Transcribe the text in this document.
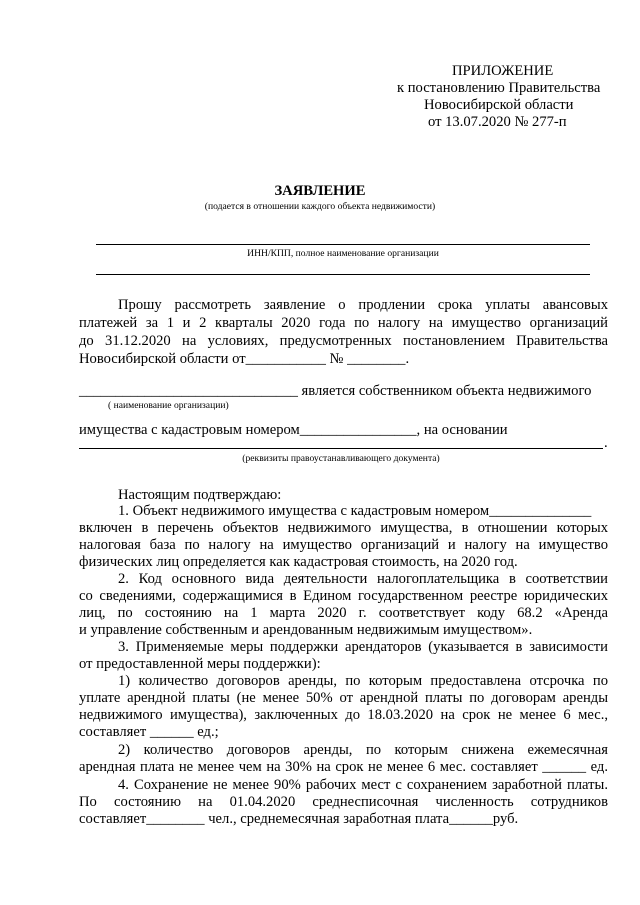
ПРИЛОЖЕНИЕ
к постановлению Правительства
Новосибирской области
от 13.07.2020 № 277-п
ЗАЯВЛЕНИЕ
(подается в отношении каждого объекта недвижимости)
ИНН/КПП, полное наименование организации
Прошу рассмотреть заявление о продлении срока уплаты авансовых
платежей за 1 и 2 кварталы 2020 года по налогу на имущество организаций
до 31.12.2020 на условиях, предусмотренных постановлением Правительства
Новосибирской области от___________ № ________.
______________________________ является собственником объекта недвижимого
( наименование организации)
имущества с кадастровым номером________________, на основании
.
(реквизиты правоустанавливающего документа)
Настоящим подтверждаю:
1. Объект недвижимого имущества с кадастровым номером______________
включен в перечень объектов недвижимого имущества, в отношении которых
налоговая база по налогу на имущество организаций и налогу на имущество
физических лиц определяется как кадастровая стоимость, на 2020 год.
2. Код основного вида деятельности налогоплательщика в соответствии
со сведениями, содержащимися в Едином государственном реестре юридических
лиц, по состоянию на 1 марта 2020 г. соответствует коду 68.2 «Аренда
и управление собственным и арендованным недвижимым имуществом».
3. Применяемые меры поддержки арендаторов (указывается в зависимости
от предоставленной меры поддержки):
1) количество договоров аренды, по которым предоставлена отсрочка по
уплате арендной платы (не менее 50% от арендной платы по договорам аренды
недвижимого имущества), заключенных до 18.03.2020 на срок не менее 6 мес.,
составляет ______ ед.;
2) количество договоров аренды, по которым снижена ежемесячная
арендная плата не менее чем на 30% на срок не менее 6 мес. составляет ______ ед.
4. Сохранение не менее 90% рабочих мест с сохранением заработной платы.
По состоянию на 01.04.2020 среднесписочная численность сотрудников
составляет________ чел., среднемесячная заработная плата______руб.
